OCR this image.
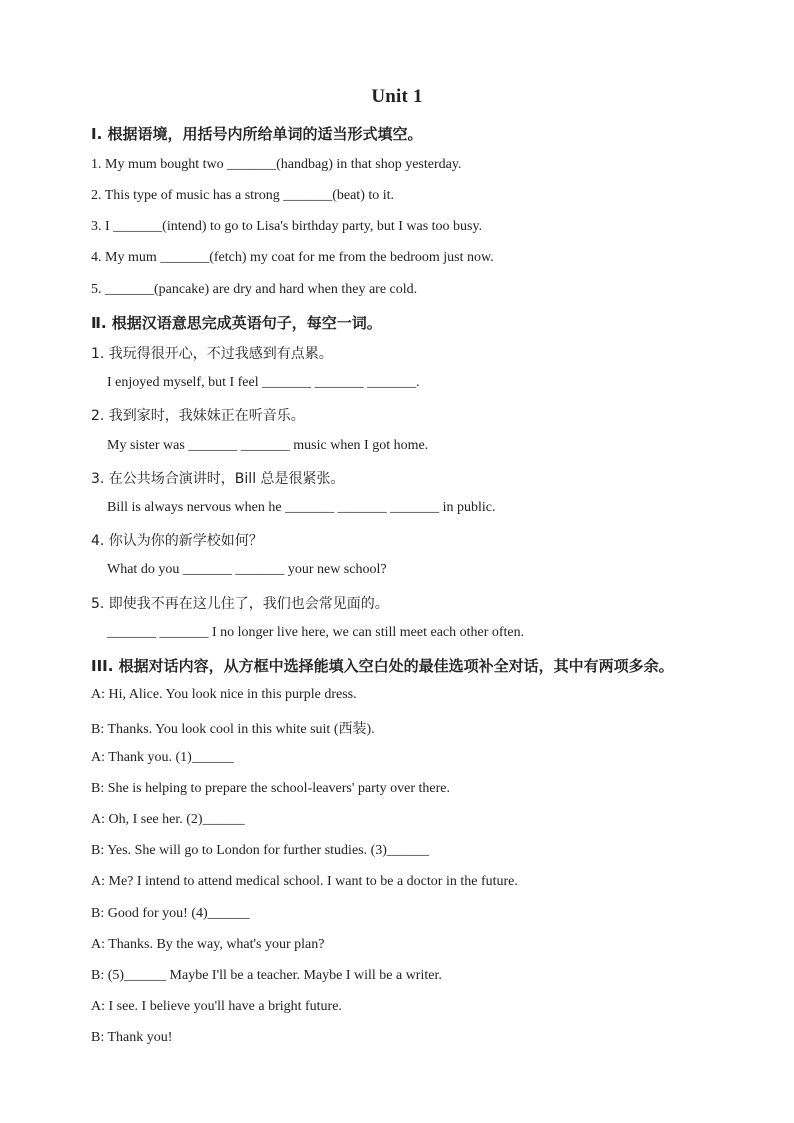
Unit 1
Ⅰ. 根据语境，用括号内所给单词的适当形式填空。
1. My mum bought two _______(handbag) in that shop yesterday.
2. This type of music has a strong _______(beat) to it.
3. I _______(intend) to go to Lisa's birthday party, but I was too busy.
4. My mum _______(fetch) my coat for me from the bedroom just now.
5. _______(pancake) are dry and hard when they are cold.
Ⅱ. 根据汉语意思完成英语句子，每空一词。
1. 我玩得很开心，不过我感到有点累。
I enjoyed myself, but I feel _______ _______ _______.
2. 我到家时，我妹妹正在听音乐。
My sister was _______ _______ music when I got home.
3. 在公共场合演讲时，Bill 总是很紧张。
Bill is always nervous when he _______ _______ _______ in public.
4. 你认为你的新学校如何？
What do you _______ _______ your new school?
5. 即使我不再在这儿住了，我们也会常见面的。
_______ _______ I no longer live here, we can still meet each other often.
III. 根据对话内容，从方框中选择能填入空白处的最佳选项补全对话，其中有两项多余。
A: Hi, Alice. You look nice in this purple dress.
B: Thanks. You look cool in this white suit (西装).
A: Thank you. (1)______
B: She is helping to prepare the school-leavers' party over there.
A: Oh, I see her. (2)______
B: Yes. She will go to London for further studies. (3)______
A: Me? I intend to attend medical school. I want to be a doctor in the future.
B: Good for you! (4)______
A: Thanks. By the way, what's your plan?
B: (5)______ Maybe I'll be a teacher. Maybe I will be a writer.
A: I see. I believe you'll have a bright future.
B: Thank you!
